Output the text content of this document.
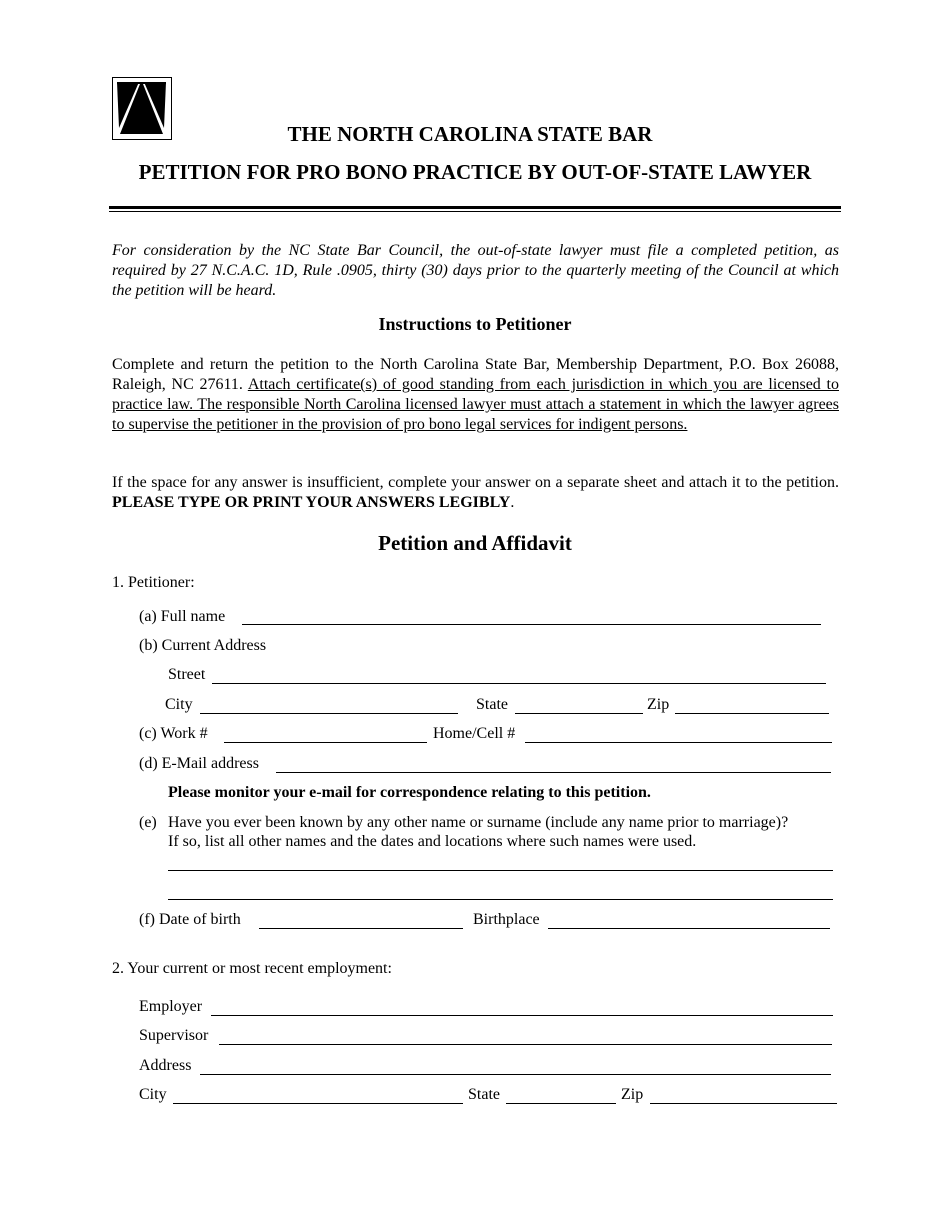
THE NORTH CAROLINA STATE BAR
PETITION FOR PRO BONO PRACTICE BY OUT-OF-STATE LAWYER
For consideration by the NC State Bar Council, the out-of-state lawyer must file a completed petition, as required by 27 N.C.A.C. 1D, Rule .0905, thirty (30) days prior to the quarterly meeting of the Council at which the petition will be heard.
Instructions to Petitioner
Complete and return the petition to the North Carolina State Bar, Membership Department, P.O. Box 26088, Raleigh, NC 27611. Attach certificate(s) of good standing from each jurisdiction in which you are licensed to practice law. The responsible North Carolina licensed lawyer must attach a statement in which the lawyer agrees to supervise the petitioner in the provision of pro bono legal services for indigent persons.
If the space for any answer is insufficient, complete your answer on a separate sheet and attach it to the petition. PLEASE TYPE OR PRINT YOUR ANSWERS LEGIBLY.
Petition and Affidavit
1. Petitioner:
(a) Full name
(b) Current Address
Street
City	State	Zip
(c) Work #	Home/Cell #
(d) E-Mail address
Please monitor your e-mail for correspondence relating to this petition.
(e) Have you ever been known by any other name or surname (include any name prior to marriage)?
If so, list all other names and the dates and locations where such names were used.
(f) Date of birth	Birthplace
2. Your current or most recent employment:
Employer
Supervisor
Address
City	State	Zip
